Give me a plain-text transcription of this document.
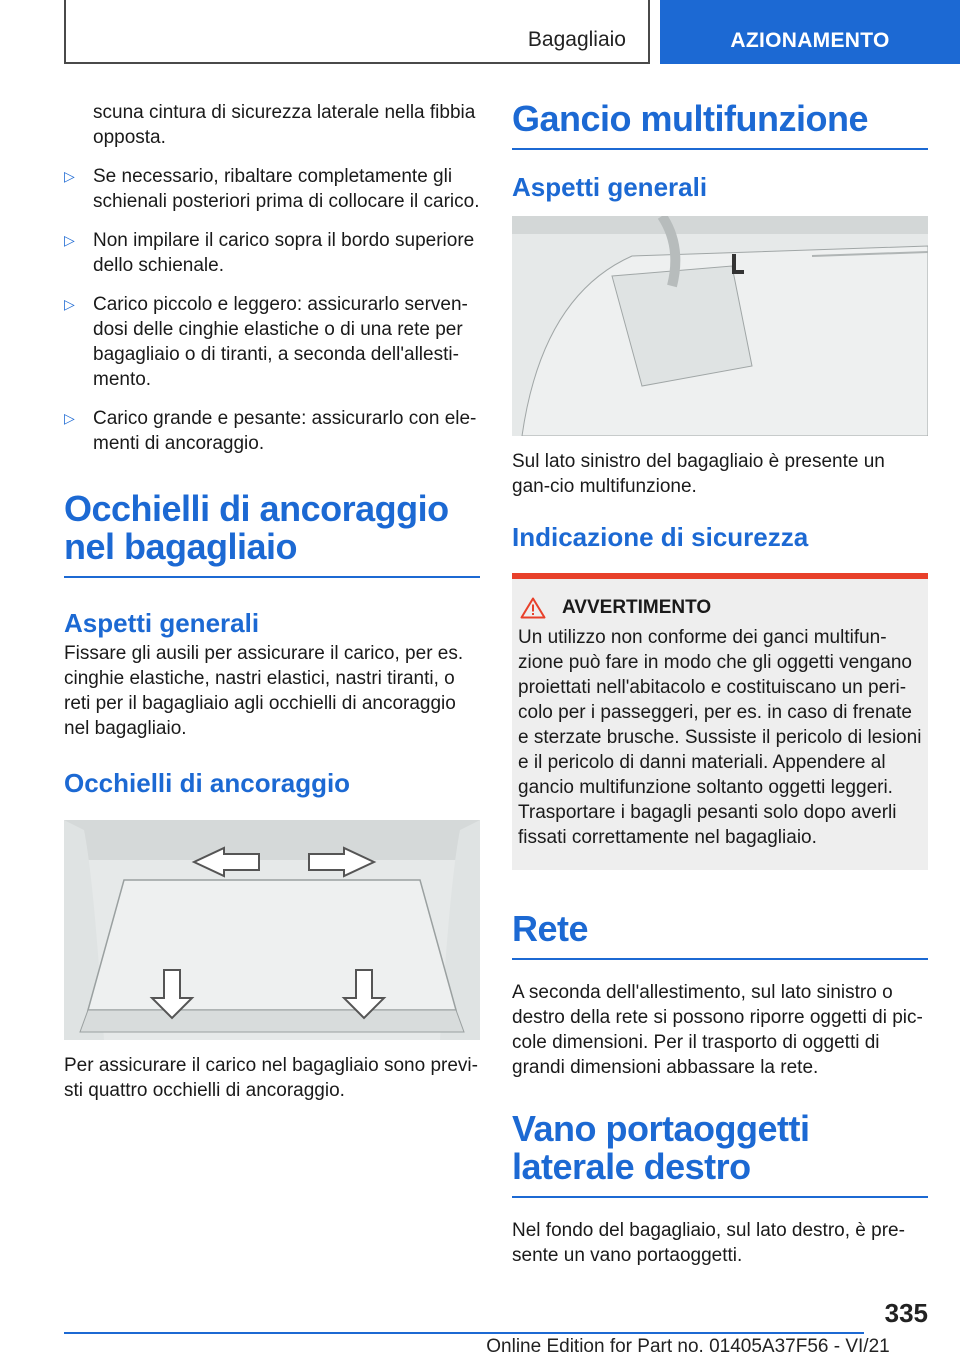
Bagagliaio	AZIONAMENTO

scuna cintura di sicurezza laterale nella fibbia opposta.

▷ Se necessario, ribaltare completamente gli schienali posteriori prima di collocare il carico.
▷ Non impilare il carico sopra il bordo superiore dello schienale.
▷ Carico piccolo e leggero: assicurarlo serven-dosi delle cinghie elastiche o di una rete per bagagliaio o di tiranti, a seconda dell'allesti-mento.
▷ Carico grande e pesante: assicurarlo con ele-menti di ancoraggio.
Occhielli di ancoraggio nel bagagliaio
Aspetti generali

Fissare gli ausili per assicurare il carico, per es. cinghie elastiche, nastri elastici, nastri tiranti, o reti per il bagagliaio agli occhielli di ancoraggio nel bagagliaio.

Occhielli di ancoraggio

Per assicurare il carico nel bagagliaio sono previ-sti quattro occhielli di ancoraggio.

Gancio multifunzione
Aspetti generali

Sul lato sinistro del bagagliaio è presente un gan-cio multifunzione.

Indicazione di sicurezza
AVVERTIMENTO

Un utilizzo non conforme dei ganci multifun-zione può fare in modo che gli oggetti vengano proiettati nell'abitacolo e costituiscano un peri-colo per i passeggeri, per es. in caso di frenate e sterzate brusche. Sussiste il pericolo di lesioni e il pericolo di danni materiali. Appendere al gancio multifunzione soltanto oggetti leggeri. Trasportare i bagagli pesanti solo dopo averli fissati correttamente nel bagagliaio.

Rete

A seconda dell'allestimento, sul lato sinistro o destro della rete si possono riporre oggetti di pic-cole dimensioni. Per il trasporto di oggetti di grandi dimensioni abbassare la rete.

Vano portaoggetti laterale destro

Nel fondo del bagagliaio, sul lato destro, è pre-sente un vano portaoggetti.

335
Online Edition for Part no. 01405A37F56 - VI/21
